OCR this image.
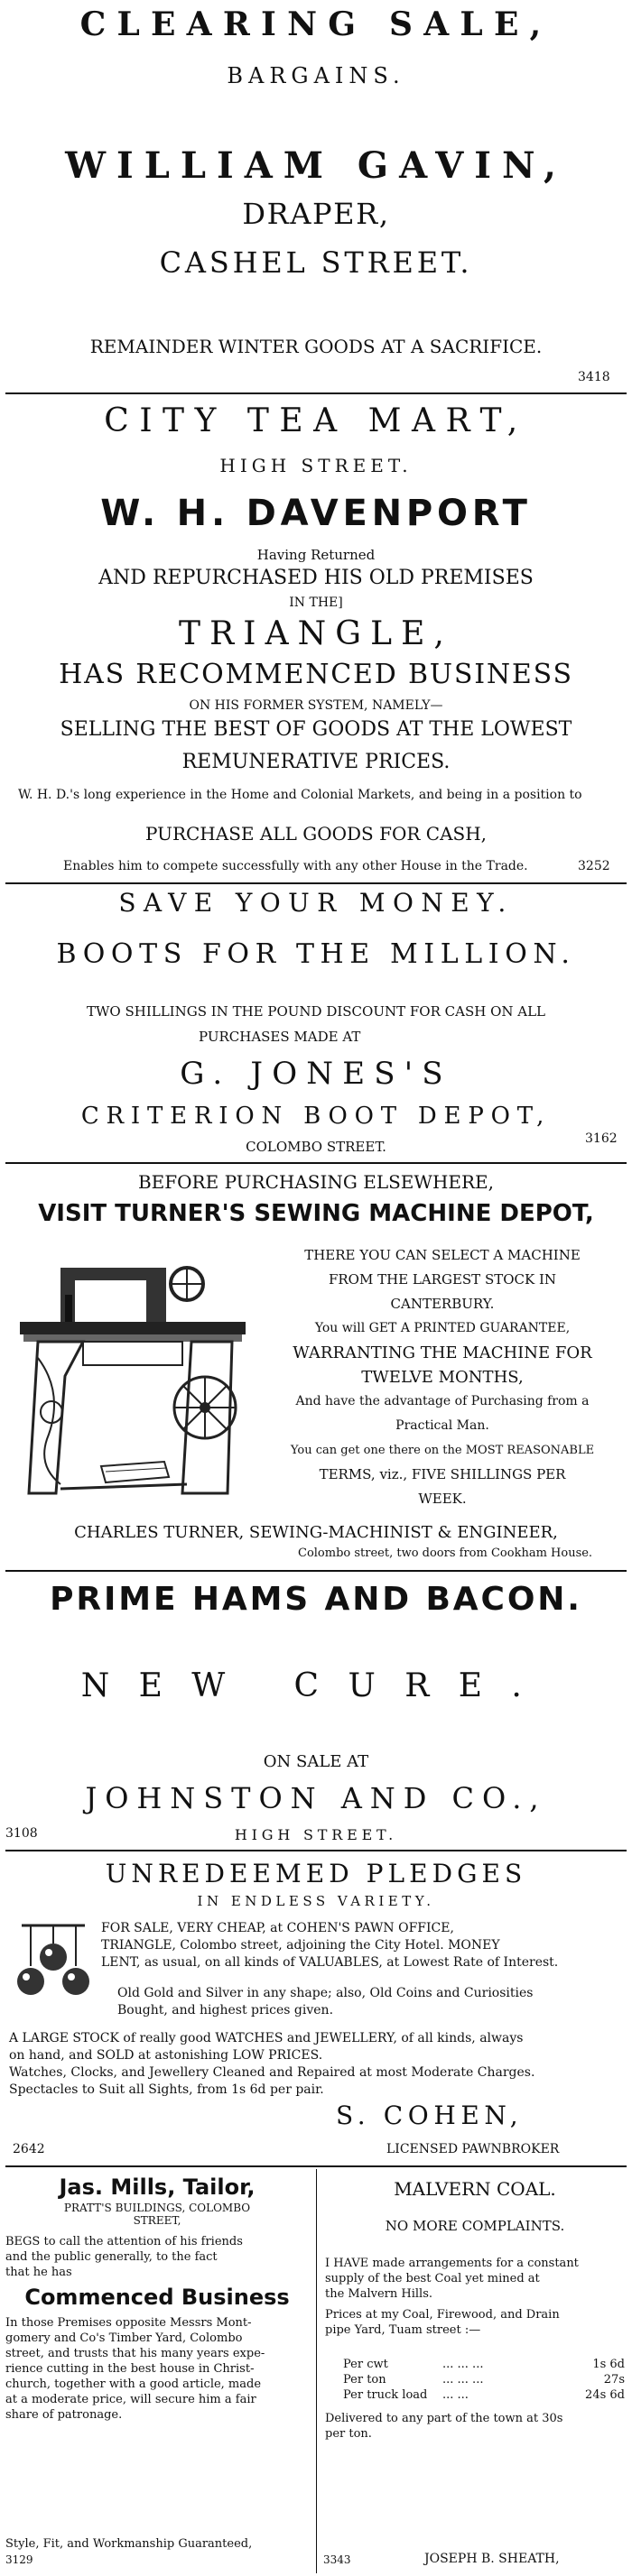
CLEARING SALE,
BARGAINS.
WILLIAM GAVIN,
DRAPER,
CASHEL STREET.
REMAINDER WINTER GOODS AT A SACRIFICE.
3418
CITY TEA MART,
HIGH STREET.
W. H. DAVENPORT
Having Returned
AND REPURCHASED HIS OLD PREMISES
IN THE]
TRIANGLE,
HAS RECOMMENCED BUSINESS
ON HIS FORMER SYSTEM, NAMELY—
SELLING THE BEST OF GOODS AT THE LOWEST
REMUNERATIVE PRICES.
W. H. D.'s long experience in the Home and Colonial Markets, and being in a position to
PURCHASE ALL GOODS FOR CASH,
Enables him to compete successfully with any other House in the Trade.	3252
SAVE YOUR MONEY.
BOOTS FOR THE MILLION.
TWO SHILLINGS IN THE POUND DISCOUNT FOR CASH ON ALL
PURCHASES MADE AT
G. JONES'S
CRITERION BOOT DEPOT,
COLOMBO STREET.	3162
BEFORE PURCHASING ELSEWHERE,
VISIT TURNER'S SEWING MACHINE DEPOT,
THERE YOU CAN SELECT A MACHINE
FROM THE LARGEST STOCK IN
CANTERBURY.
You will GET A PRINTED GUARANTEE,
WARRANTING THE MACHINE FOR
TWELVE MONTHS,
And have the advantage of Purchasing from a
Practical Man.
You can get one there on the MOST REASONABLE
TERMS, viz., FIVE SHILLINGS PER
WEEK.
CHARLES TURNER, SEWING-MACHINIST & ENGINEER,
Colombo street, two doors from Cookham House.
PRIME HAMS AND BACON.
NEW CURE.
ON SALE AT
JOHNSTON AND CO.,
3108	HIGH STREET.
UNREDEEMED PLEDGES
IN ENDLESS VARIETY.
FOR SALE, VERY CHEAP, at COHEN'S PAWN OFFICE,
TRIANGLE, Colombo street, adjoining the City Hotel. MONEY
LENT, as usual, on all kinds of VALUABLES, at Lowest Rate of Interest.
Old Gold and Silver in any shape; also, Old Coins and Curiosities
Bought, and highest prices given.
A LARGE STOCK of really good WATCHES and JEWELLERY, of all kinds, always
on hand, and SOLD at astonishing LOW PRICES.
Watches, Clocks, and Jewellery Cleaned and Repaired at most Moderate Charges.
Spectacles to Suit all Sights, from 1s 6d per pair.
S. COHEN,
2642	LICENSED PAWNBROKER
Jas. Mills, Tailor,
PRATT'S BUILDINGS, COLOMBO
STREET,
BEGS to call the attention of his friends
and the public generally, to the fact
that he has
Commenced Business
In those Premises opposite Messrs Mont-
gomery and Co's Timber Yard, Colombo
street, and trusts that his many years expe-
rience cutting in the best house in Christ-
church, together with a good article, made
at a moderate price, will secure him a fair
share of patronage.
Style, Fit, and Workmanship Guaranteed,
3129
MALVERN COAL.
NO MORE COMPLAINTS.
I HAVE made arrangements for a constant
supply of the best Coal yet mined at
the Malvern Hills.
Prices at my Coal, Firewood, and Drain
pipe Yard, Tuam street :—
Per cwt	... ... ...	1s 6d
Per ton	... ... ...	27s
Per truck load	... ...	24s 6d
Delivered to any part of the town at 30s
per ton.
3343	JOSEPH B. SHEATH,
